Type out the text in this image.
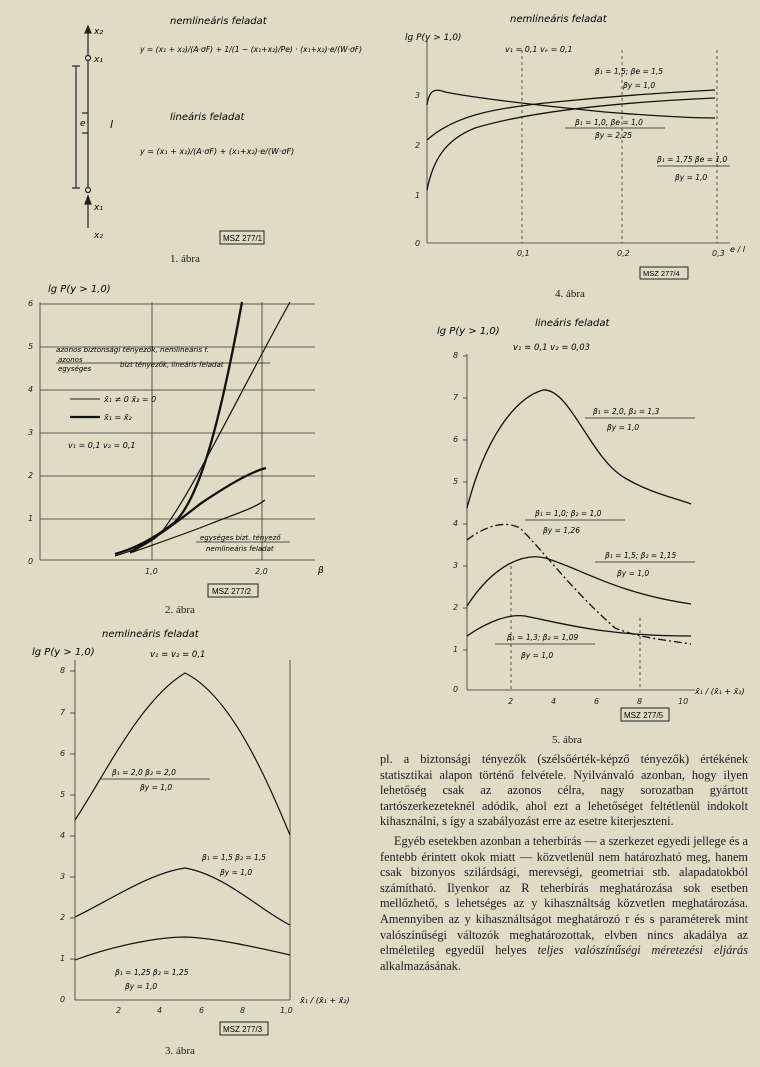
x₂
x₁
e l
x₁
x₂
nemlineáris feladat
y = (x₁ + x₂)/(A·σF) + 1/(1 − (x₁+x₂)/Pe) · (x₁+x₂)·e/(W·σF)
lineáris feladat
y = (x₁ + x₂)/(A·σF) + (x₁+x₂)·e/(W·σF)
MSZ 277/1
1. ábra
6
5
4
3
2
1
0
1,0	2,0
lg P(y > 1,0)
azonos biztonsági tényezők, nemlineáris f.
azonos
egységes	bizt tényezők, lineáris feladat
x̄₁ ≠ 0 x̄₂ = 0
x̄₁ = x̄₂
v₁ = 0,1 v₂ = 0,1
egységes bizt. tényező
nemlineáris feladat
β
MSZ 277/2
2. ábra
8
7
6
5
4
3
2
1
0
2	4	6	8	1,0
nemlineáris feladat
lg P(y > 1,0)	v₁ = v₂ = 0,1
β₁ = 2,0 β₂ = 2,0
βy = 1,0
β₁ = 1,5 β₂ = 1,5
βy = 1,0
β₁ = 1,25 β₂ = 1,25
βy = 1,0
x̄₁ / (x̄₁ + x̄₂)
MSZ 277/3
3. ábra
3
2
1
0
0,1	0,2	0,3
nemlineáris feladat
lg P(y > 1,0)
v₁ = 0,1 vₑ = 0,1
β₁ = 1,5; βe = 1,5
βy = 1,0
β₁ = 1,0, βe = 1,0
βy = 2,25
β₁ = 1,75 βe = 1,0
βy = 1,0
e / l
MSZ 277/4
4. ábra
8
7
6
5
4
3
2
1
0
2	4	6	8	10
lineáris feladat
lg P(y > 1,0)
v₁ = 0,1 v₂ = 0,03
β₁ = 2,0, β₂ = 1,3
βy = 1,0
β₁ = 1,0; β₂ = 1,0
βy = 1,26
β₁ = 1,5; β₂ = 1,15
βy = 1,0
β₁ = 1,3; β₂ = 1,09
βy = 1,0
x̄₁ / (x̄₁ + x̄₂)
MSZ 277/5
5. ábra

pl. a biztonsági tényezők (szélsőérték-képző tényezők) értékének statisztikai alapon történő felvétele. Nyilvánvaló azonban, hogy ilyen lehetőség csak az azonos célra, nagy sorozatban gyártott tartószerkezeteknél adódik, ahol ezt a lehetőséget feltétlenül indokolt kihasználni, s így a szabályozást erre az esetre kiterjeszteni.

Egyéb esetekben azonban a teherbírás — a szerkezet egyedi jellege és a fentebb érintett okok miatt — közvetlenül nem határozható meg, hanem csak bizonyos szilárdsági, merevségi, geometriai stb. alapadatokból számítható. Ilyenkor az R teherbírás meghatározása sok esetben mellőzhető, s lehetséges az y kihasználtság közvetlen meghatározása. Amennyiben az y kihasználtságot meghatározó r és s paraméterek mint valószínűségi változók meghatározottak, elvben nincs akadálya az elméletileg egyedül helyes teljes valószínűségi méretezési eljárás alkalmazásának.
